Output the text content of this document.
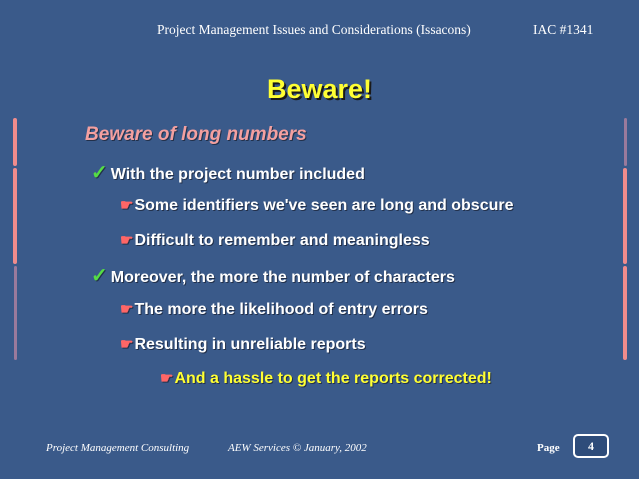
Project Management Issues and Considerations (Issacons)	IAC #1341
Beware!
Beware of long numbers
✓ With the project number included
☛Some identifiers we've seen are long and obscure
☛Difficult to remember and meaningless
✓ Moreover, the more the number of characters
☛The more the likelihood of entry errors
☛Resulting in unreliable reports
☛And a hassle to get the reports corrected!
Project Management Consulting	AEW Services © January, 2002	Page	4
